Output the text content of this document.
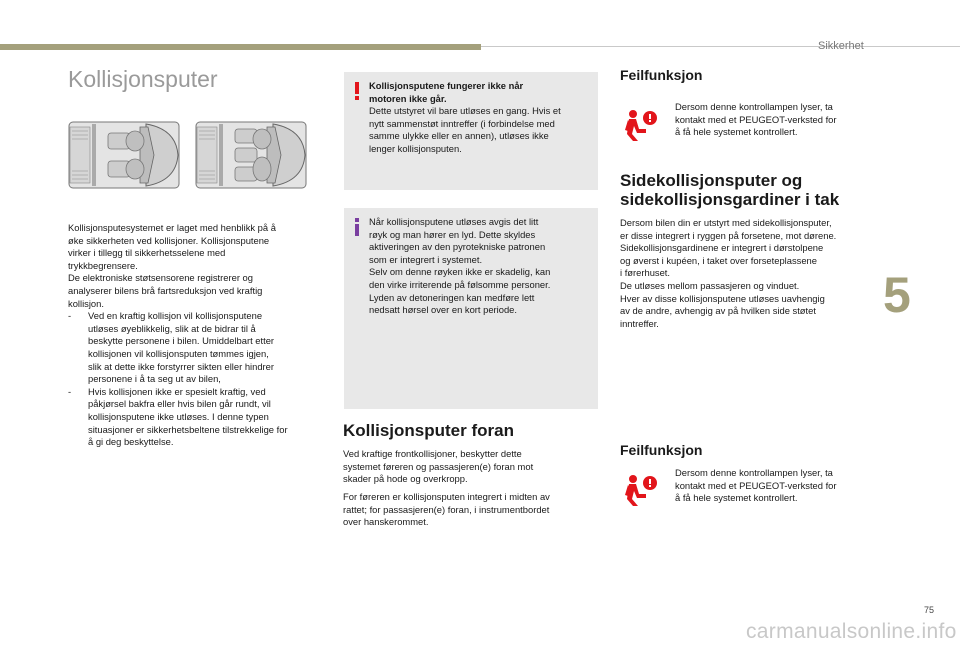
Sikkerhet
5
75
carmanualsonline.info
Kollisjonsputer
Kollisjonsputesystemet er laget med henblikk på å
øke sikkerheten ved kollisjoner. Kollisjonsputene
virker i tillegg til sikkerhetsselene med
trykkbegrensere.
De elektroniske støtsensorene registrerer og
analyserer bilens brå fartsreduksjon ved kraftig
kollisjon.
- Ved en kraftig kollisjon vil kollisjonsputene
utløses øyeblikkelig, slik at de bidrar til å
beskytte personene i bilen. Umiddelbart etter
kollisjonen vil kollisjonsputen tømmes igjen,
slik at dette ikke forstyrrer sikten eller hindrer
personene i å ta seg ut av bilen,
- Hvis kollisjonen ikke er spesielt kraftig, ved
påkjørsel bakfra eller hvis bilen går rundt, vil
kollisjonsputene ikke utløses. I denne typen
situasjoner er sikkerhetsbeltene tilstrekkelige for
å gi deg beskyttelse.
Kollisjonsputene fungerer ikke når
motoren ikke går.
Dette utstyret vil bare utløses en gang. Hvis et
nytt sammenstøt inntreffer (i forbindelse med
samme ulykke eller en annen), utløses ikke
lenger kollisjonsputen.
Når kollisjonsputene utløses avgis det litt
røyk og man hører en lyd. Dette skyldes
aktiveringen av den pyrotekniske patronen
som er integrert i systemet.
Selv om denne røyken ikke er skadelig, kan
den virke irriterende på følsomme personer.
Lyden av detoneringen kan medføre lett
nedsatt hørsel over en kort periode.
Kollisjonsputer foran
Ved kraftige frontkollisjoner, beskytter dette
systemet føreren og passasjeren(e) foran mot
skader på hode og overkropp.
For føreren er kollisjonsputen integrert i midten av
rattet; for passasjeren(e) foran, i instrumentbordet
over hanskerommet.
Feilfunksjon
Dersom denne kontrollampen lyser, ta
kontakt med et PEUGEOT-verksted for
å få hele systemet kontrollert.
Sidekollisjonsputer og
sidekollisjonsgardiner i tak
Dersom bilen din er utstyrt med sidekollisjonsputer,
er disse integrert i ryggen på forsetene, mot dørene.
Sidekollisjonsgardinene er integrert i dørstolpene
og øverst i kupéen, i taket over forseteplassene
i førerhuset.
De utløses mellom passasjeren og vinduet.
Hver av disse kollisjonsputene utløses uavhengig
av de andre, avhengig av på hvilken side støtet
inntreffer.
Feilfunksjon
Dersom denne kontrollampen lyser, ta
kontakt med et PEUGEOT-verksted for
å få hele systemet kontrollert.
